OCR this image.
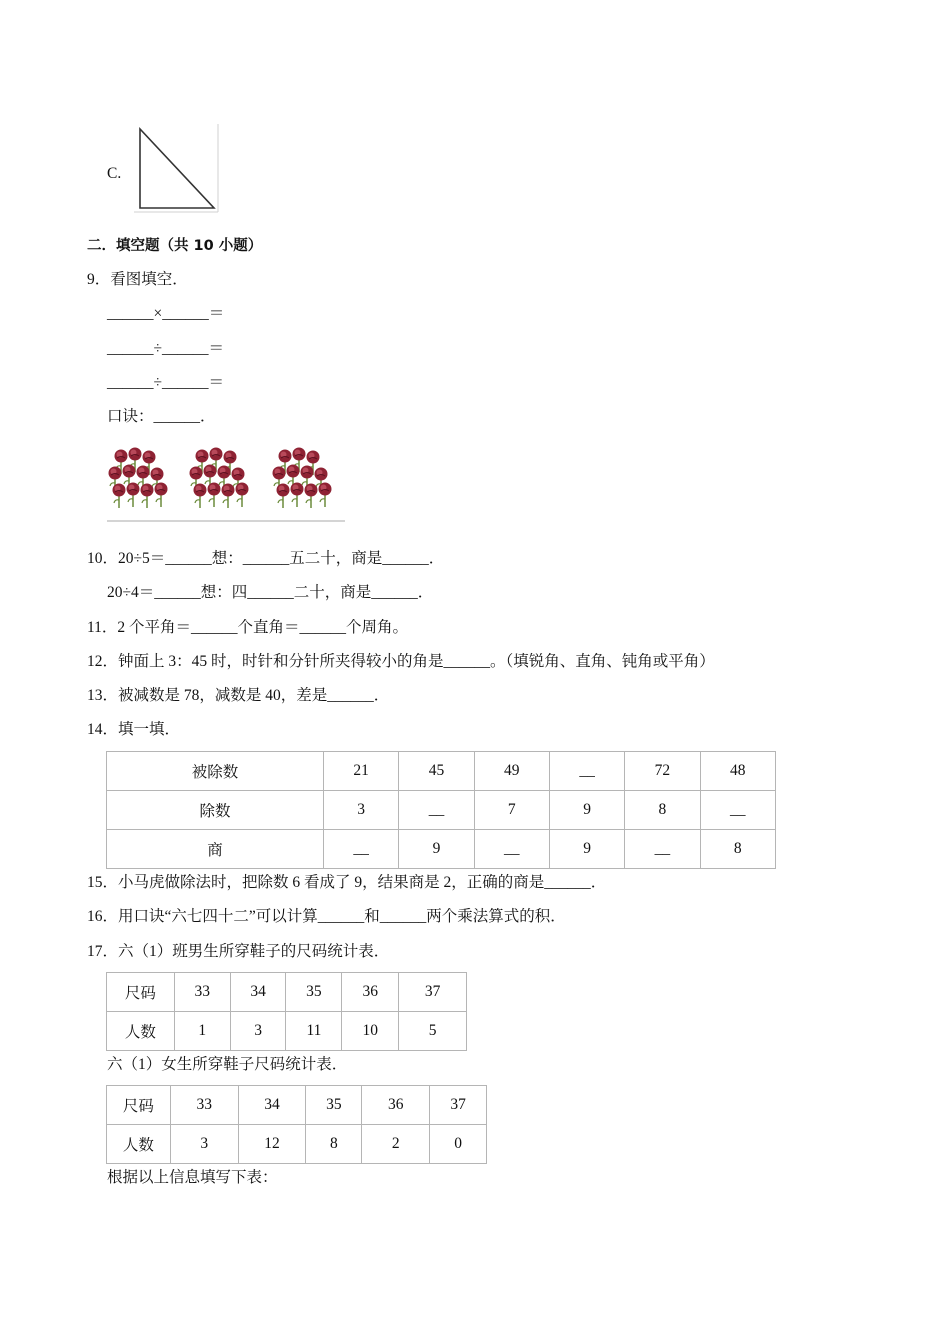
C.
二．填空题（共 10 小题）
9．看图填空．
______×______＝
______÷______＝
______÷______＝
口诀：______．
10．20÷5＝______想：______五二十，商是______．
20÷4＝______想：四______二十，商是______．
11．2 个平角＝______个直角＝______个周角。
12．钟面上 3：45 时，时针和分针所夹得较小的角是______。（填锐角、直角、钝角或平角）
13．被减数是 78，减数是 40，差是______．
14．填一填．
被除数	21	45	49	__	72	48
除数	3	__	7	9	8	__
商	__	9	__	9	__	8
15．小马虎做除法时，把除数 6 看成了 9，结果商是 2，正确的商是______．
16．用口诀“六七四十二”可以计算______和______两个乘法算式的积．
17．六（1）班男生所穿鞋子的尺码统计表．
尺码	33	34	35	36	37
人数	1	3	11	10	5
六（1）女生所穿鞋子尺码统计表．
尺码	33	34	35	36	37
人数	3	12	8	2	0
根据以上信息填写下表：
